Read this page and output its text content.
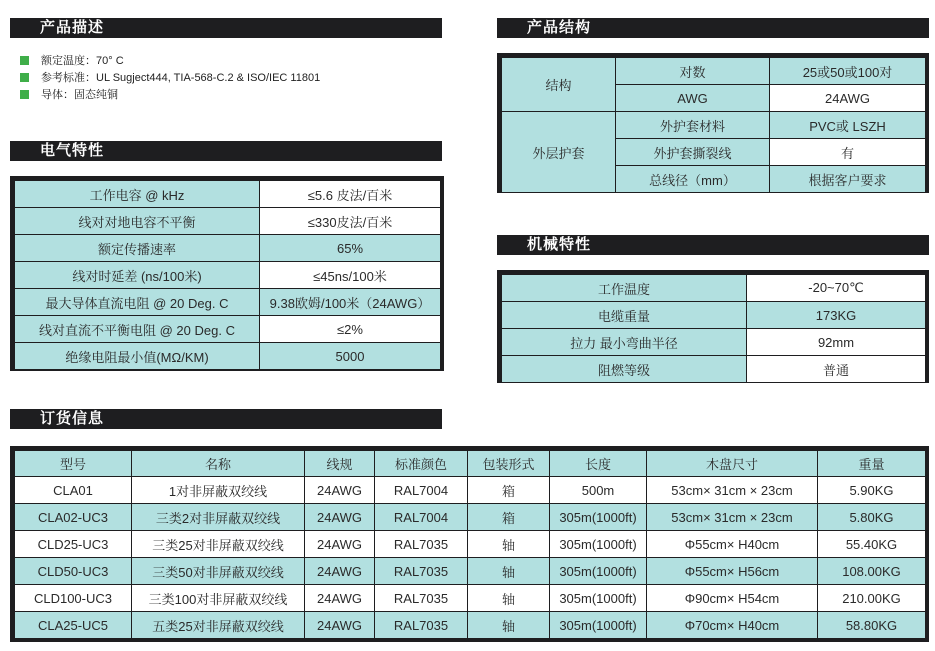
产品描述
电气特性
产品结构
机械特性
订货信息
额定温度：70° C
参考标准：UL Sugject444, TIA-568-C.2 & ISO/IEC 11801
导体：固态纯铜
工作电容 @ kHz	≤5.6 皮法/百米
线对对地电容不平衡	≤330皮法/百米
额定传播速率	65%
线对时延差 (ns/100米)	≤45ns/100米
最大导体直流电阻 @ 20 Deg. C	9.38欧姆/100米（24AWG）
线对直流不平衡电阻 @ 20 Deg. C	≤2%
绝缘电阻最小值(MΩ/KM)	5000
结构	对数	25或50或100对
	AWG	24AWG
外层护套	外护套材料	PVC或 LSZH
	外护套撕裂线	有
	总线径（mm）	根据客户要求
工作温度	-20~70℃
电缆重量	173KG
拉力 最小弯曲半径	92mm
阻燃等级	普通
型号	名称	线规	标准颜色	包装形式	长度	木盘尺寸	重量
CLA01	1对非屏蔽双绞线	24AWG	RAL7004	箱	500m	53cm× 31cm × 23cm	5.90KG
CLA02-UC3	三类2对非屏蔽双绞线	24AWG	RAL7004	箱	305m(1000ft)	53cm× 31cm × 23cm	5.80KG
CLD25-UC3	三类25对非屏蔽双绞线	24AWG	RAL7035	轴	305m(1000ft)	Φ55cm× H40cm	55.40KG
CLD50-UC3	三类50对非屏蔽双绞线	24AWG	RAL7035	轴	305m(1000ft)	Φ55cm× H56cm	108.00KG
CLD100-UC3	三类100对非屏蔽双绞线	24AWG	RAL7035	轴	305m(1000ft)	Φ90cm× H54cm	210.00KG
CLA25-UC5	五类25对非屏蔽双绞线	24AWG	RAL7035	轴	305m(1000ft)	Φ70cm× H40cm	58.80KG
